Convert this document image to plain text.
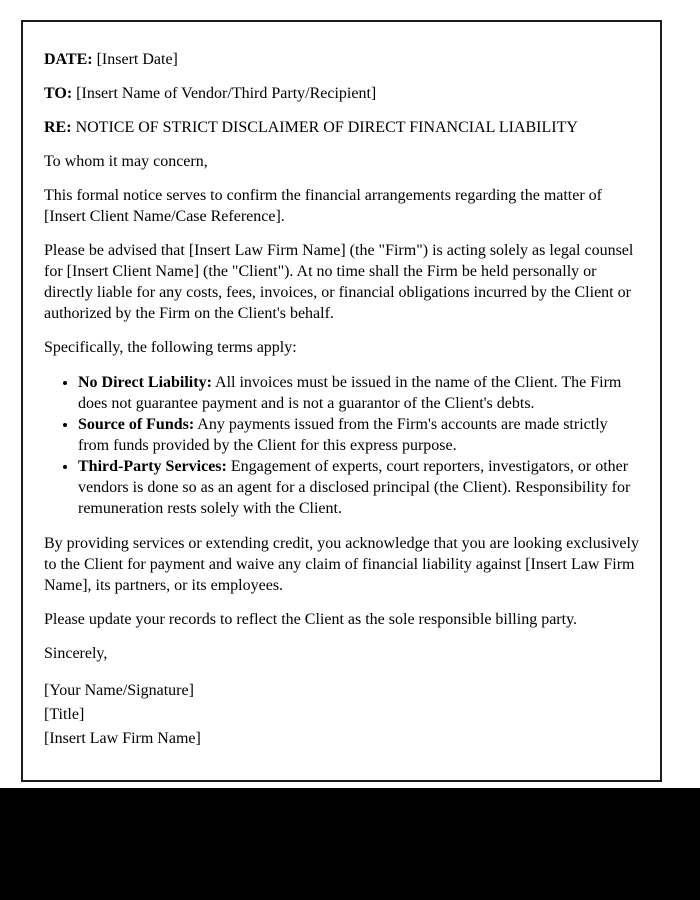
DATE: [Insert Date]

TO: [Insert Name of Vendor/Third Party/Recipient]

RE: NOTICE OF STRICT DISCLAIMER OF DIRECT FINANCIAL LIABILITY

To whom it may concern,

This formal notice serves to confirm the financial arrangements regarding the matter of [Insert Client Name/Case Reference].

Please be advised that [Insert Law Firm Name] (the "Firm") is acting solely as legal counsel for [Insert Client Name] (the "Client"). At no time shall the Firm be held personally or directly liable for any costs, fees, invoices, or financial obligations incurred by the Client or authorized by the Firm on the Client's behalf.

Specifically, the following terms apply:

• No Direct Liability: All invoices must be issued in the name of the Client. The Firm does not guarantee payment and is not a guarantor of the Client's debts.
• Source of Funds: Any payments issued from the Firm's accounts are made strictly from funds provided by the Client for this express purpose.
• Third-Party Services: Engagement of experts, court reporters, investigators, or other vendors is done so as an agent for a disclosed principal (the Client). Responsibility for remuneration rests solely with the Client.

By providing services or extending credit, you acknowledge that you are looking exclusively to the Client for payment and waive any claim of financial liability against [Insert Law Firm Name], its partners, or its employees.

Please update your records to reflect the Client as the sole responsible billing party.

Sincerely,

[Your Name/Signature]
[Title]
[Insert Law Firm Name]
